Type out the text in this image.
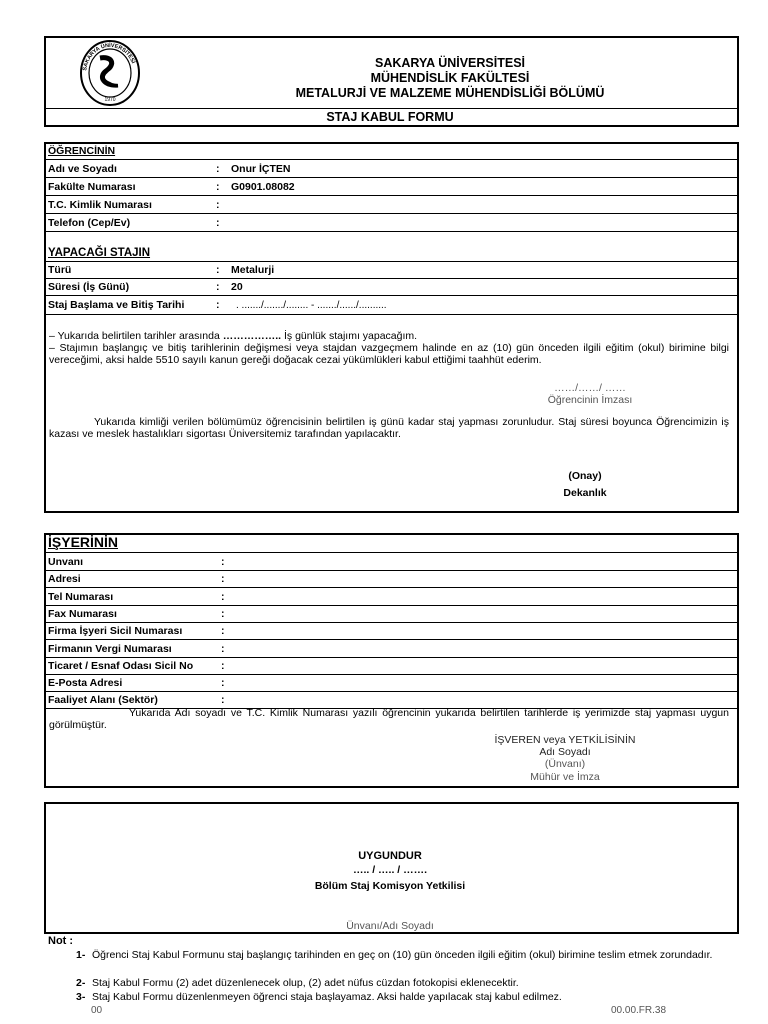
SAKARYA ÜNİVERSİTESİ
1970
SAKARYA ÜNİVERSİTESİ
MÜHENDİSLİK FAKÜLTESİ
METALURJİ VE MALZEME MÜHENDİSLİĞİ BÖLÜMÜ
STAJ KABUL FORMU
ÖĞRENCİNİN
Adı ve Soyadı	: Onur İÇTEN
Fakülte Numarası	: G0901.08082
T.C. Kimlik Numarası	:
Telefon (Cep/Ev)	:
YAPACAĞI STAJIN
Türü	: Metalurji
Süresi (İş Günü)	: 20
Staj Başlama ve Bitiş Tarihi	: . ......./......./........ - ......./....../..........
– Yukarıda belirtilen tarihler arasında …………….. İş günlük stajımı yapacağım.
– Stajımın başlangıç ve bitiş tarihlerinin değişmesi veya stajdan vazgeçmem halinde en az (10) gün önceden ilgili eğitim (okul) birimine bilgi vereceğimi, aksi halde 5510 sayılı kanun gereği doğacak cezai yükümlükleri kabul ettiğimi taahhüt ederim.
……/……/ ……
Öğrencinin İmzası
Yukarıda kimliği verilen bölümümüz öğrencisinin belirtilen iş günü kadar staj yapması zorunludur. Staj süresi boyunca Öğrencimizin iş kazası ve meslek hastalıkları sigortası Üniversitemiz tarafından yapılacaktır.
(Onay)
Dekanlık
İŞYERİNİN
Unvanı	:
Adresi	:
Tel Numarası	:
Fax Numarası	:
Firma İşyeri Sicil Numarası	:
Firmanın Vergi Numarası	:
Ticaret / Esnaf Odası Sicil No	:
E-Posta Adresi	:
Faaliyet Alanı (Sektör)	:
Yukarıda Adı soyadı ve T.C. Kimlik Numarası yazılı öğrencinin yukarıda belirtilen tarihlerde iş yerimizde staj yapması uygun görülmüştür.
İŞVEREN veya YETKİLİSİNİN
Adı Soyadı
(Ünvanı)
Mühür ve İmza
UYGUNDUR
….. / ….. / …….
Bölüm Staj Komisyon Yetkilisi
Ünvanı/Adı Soyadı
Not :
1- Öğrenci Staj Kabul Formunu staj başlangıç tarihinden en geç on (10) gün önceden ilgili eğitim (okul) birimine teslim etmek zorundadır.
2- Staj Kabul Formu (2) adet düzenlenecek olup, (2) adet nüfus cüzdan fotokopisi eklenecektir.
3- Staj Kabul Formu düzenlenmeyen öğrenci staja başlayamaz. Aksi halde yapılacak staj kabul edilmez.
00	00.00.FR.38
